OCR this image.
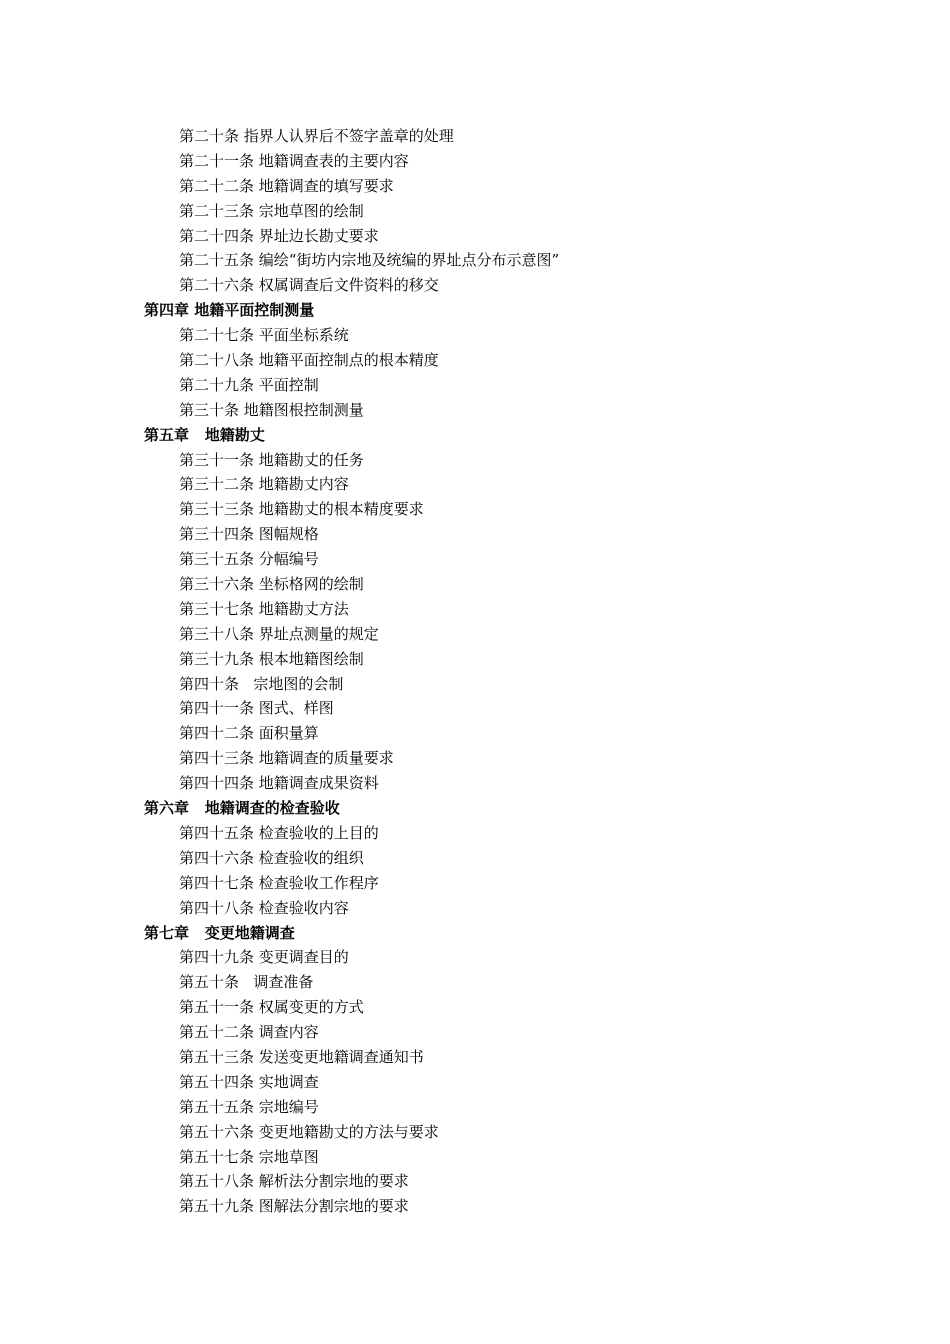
第二十条 指界人认界后不签字盖章的处理
第二十一条 地籍调查表的主要内容
第二十二条 地籍调查的填写要求
第二十三条 宗地草图的绘制
第二十四条 界址边长勘丈要求
第二十五条 编绘“街坊内宗地及统编的界址点分布示意图”
第二十六条 权属调查后文件资料的移交
第四章 地籍平面控制测量
第二十七条 平面坐标系统
第二十八条 地籍平面控制点的根本精度
第二十九条 平面控制
第三十条 地籍图根控制测量
第五章   地籍勘丈
第三十一条 地籍勘丈的任务
第三十二条 地籍勘丈内容
第三十三条 地籍勘丈的根本精度要求
第三十四条 图幅规格
第三十五条 分幅编号
第三十六条 坐标格网的绘制
第三十七条 地籍勘丈方法
第三十八条 界址点测量的规定
第三十九条 根本地籍图绘制
第四十条   宗地图的会制
第四十一条 图式、样图
第四十二条 面积量算
第四十三条 地籍调查的质量要求
第四十四条 地籍调查成果资料
第六章   地籍调查的检查验收
第四十五条 检查验收的上目的
第四十六条 检查验收的组织
第四十七条 检查验收工作程序
第四十八条 检查验收内容
第七章   变更地籍调查
第四十九条 变更调查目的
第五十条   调查准备
第五十一条 权属变更的方式
第五十二条 调查内容
第五十三条 发送变更地籍调查通知书
第五十四条 实地调查
第五十五条 宗地编号
第五十六条 变更地籍勘丈的方法与要求
第五十七条 宗地草图
第五十八条 解析法分割宗地的要求
第五十九条 图解法分割宗地的要求
